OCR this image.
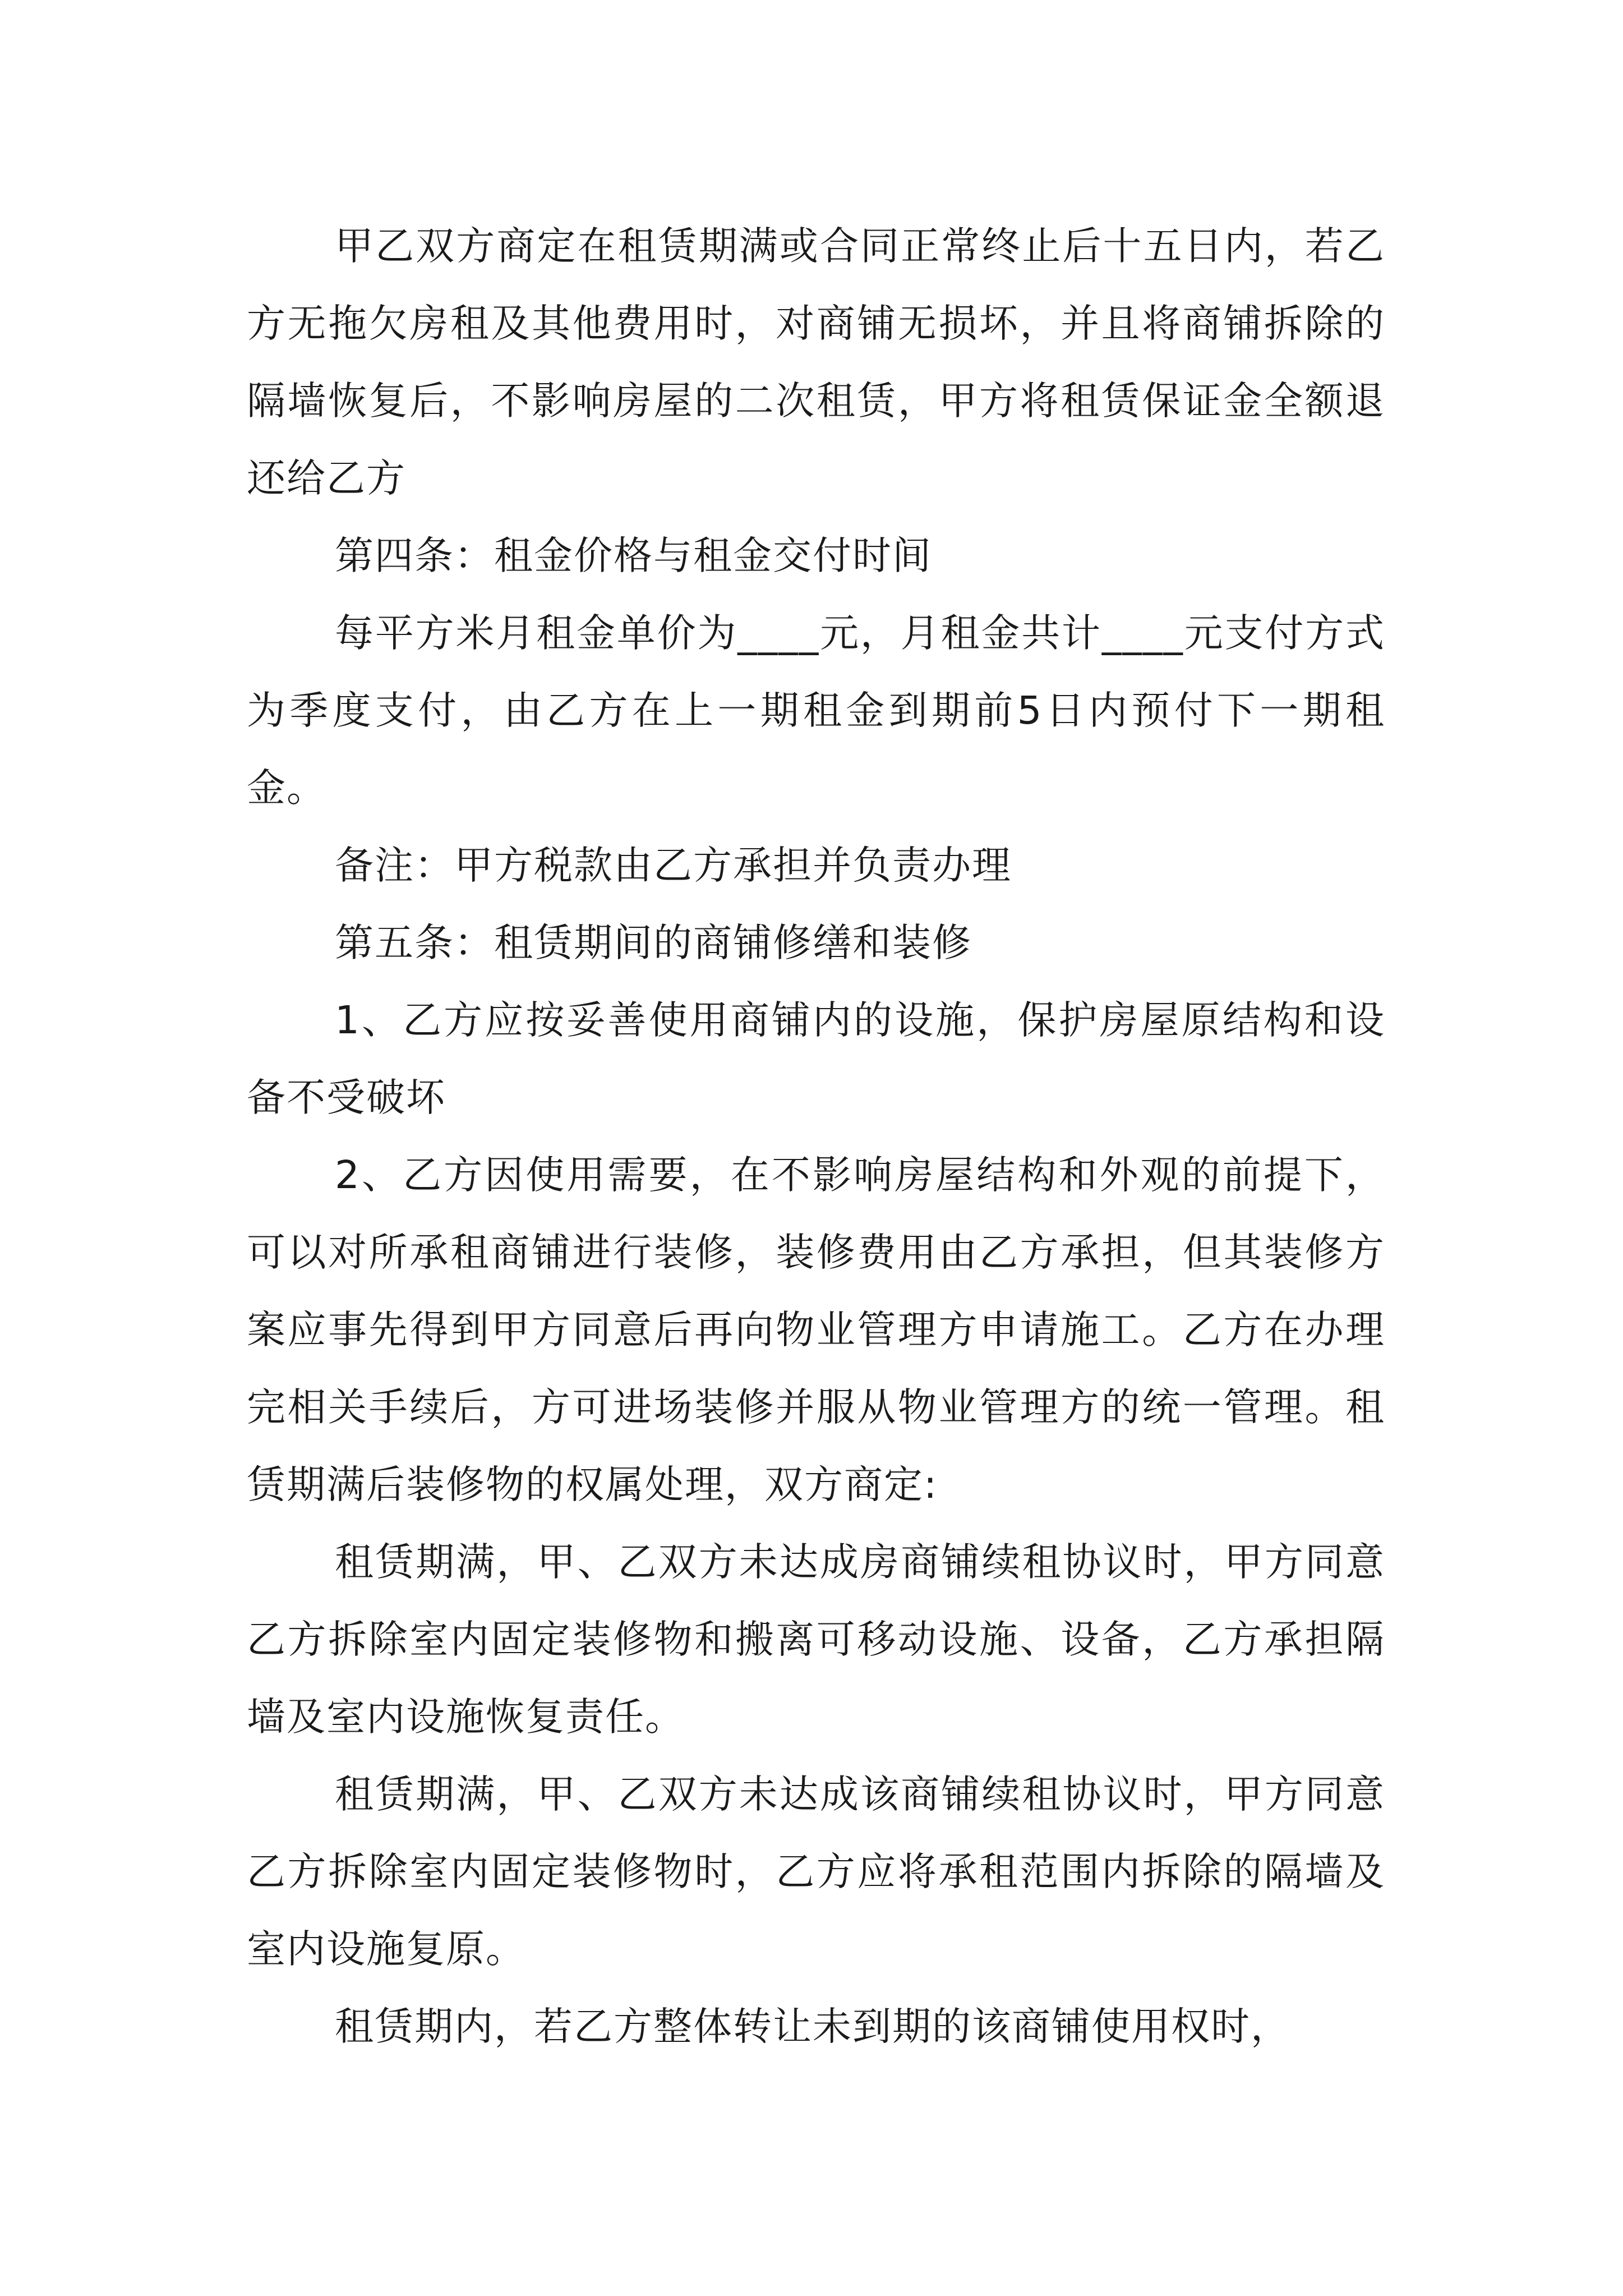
甲乙双方商定在租赁期满或合同正常终止后十五日内，若乙方无拖欠房租及其他费用时，对商铺无损坏，并且将商铺拆除的隔墙恢复后，不影响房屋的二次租赁，甲方将租赁保证金全额退还给乙方

第四条：租金价格与租金交付时间

每平方米月租金单价为____元，月租金共计____元支付方式为季度支付，由乙方在上一期租金到期前5日内预付下一期租金。

备注：甲方税款由乙方承担并负责办理

第五条：租赁期间的商铺修缮和装修

1、乙方应按妥善使用商铺内的设施，保护房屋原结构和设备不受破坏

2、乙方因使用需要，在不影响房屋结构和外观的前提下，可以对所承租商铺进行装修，装修费用由乙方承担，但其装修方案应事先得到甲方同意后再向物业管理方申请施工。乙方在办理完相关手续后，方可进场装修并服从物业管理方的统一管理。租赁期满后装修物的权属处理，双方商定:

租赁期满，甲、乙双方未达成房商铺续租协议时，甲方同意乙方拆除室内固定装修物和搬离可移动设施、设备，乙方承担隔墙及室内设施恢复责任。

租赁期满，甲、乙双方未达成该商铺续租协议时，甲方同意乙方拆除室内固定装修物时，乙方应将承租范围内拆除的隔墙及室内设施复原。

租赁期内，若乙方整体转让未到期的该商铺使用权时，
